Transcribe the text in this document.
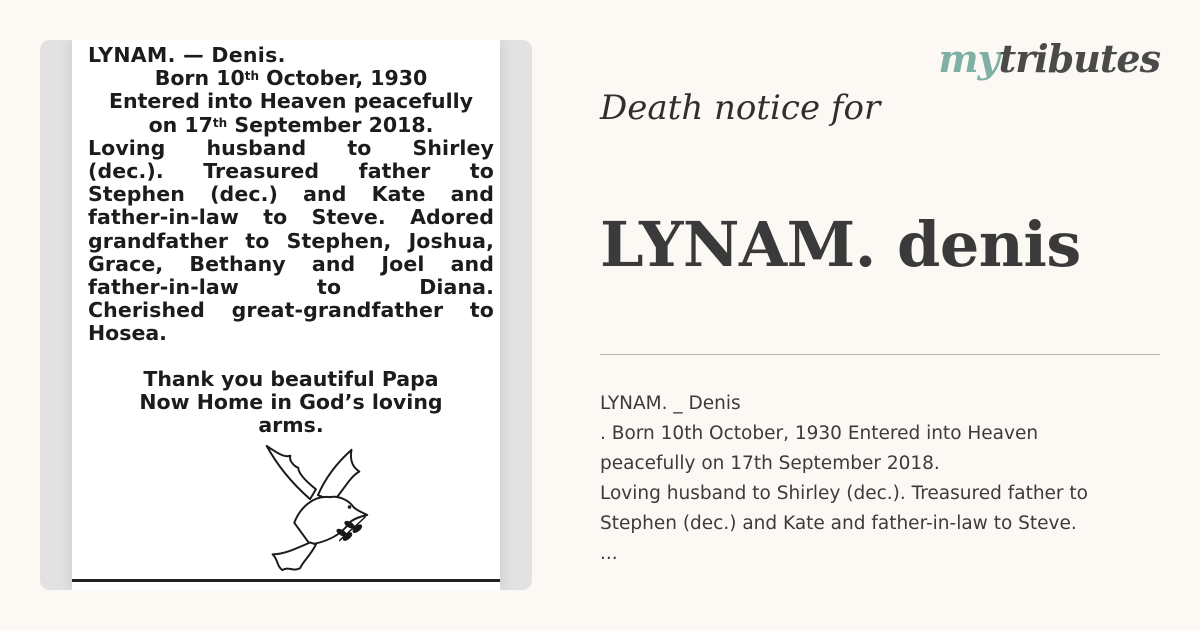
LYNAM. — Denis.
Born 10th October, 1930
Entered into Heaven peacefully
on 17th September 2018.
Loving husband to Shirley
(dec.). Treasured father to
Stephen (dec.) and Kate and
father-in-law to Steve. Adored
grandfather to Stephen, Joshua,
Grace, Bethany and Joel and
father-in-law to Diana.
Cherished great-grandfather to
Hosea.
Thank you beautiful Papa
Now Home in God’s loving
arms.
mytributes
Death notice for
LYNAM. denis
LYNAM. _ Denis
. Born 10th October, 1930 Entered into Heaven
peacefully on 17th September 2018.
Loving husband to Shirley (dec.). Treasured father to
Stephen (dec.) and Kate and father-in-law to Steve.
...
